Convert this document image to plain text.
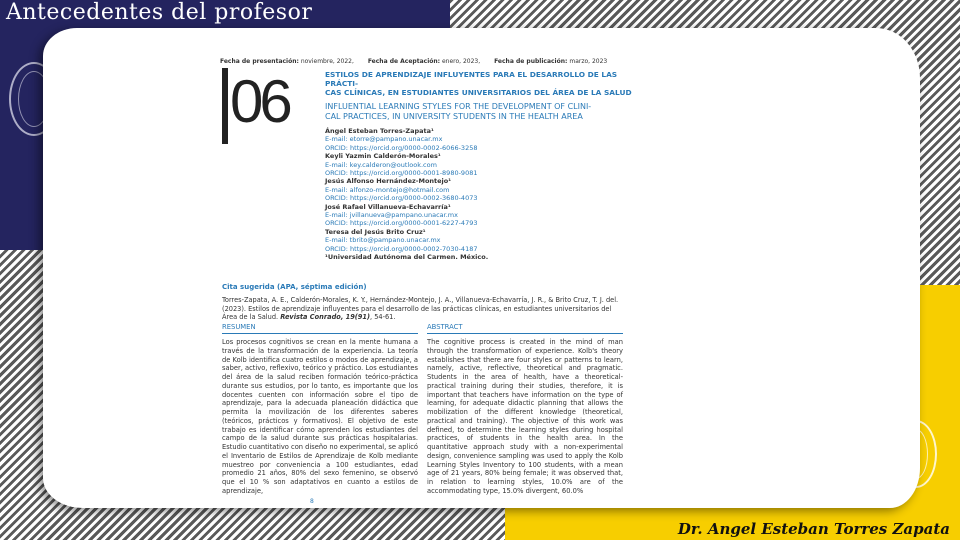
Antecedentes del profesor
Fecha de presentación: noviembre, 2022, Fecha de Aceptación: enero, 2023, Fecha de publicación: marzo, 2023
06	ESTILOS DE APRENDIZAJE INFLUYENTES PARA EL DESARROLLO DE LAS PRÁCTI-
CAS CLÍNICAS, EN ESTUDIANTES UNIVERSITARIOS DEL ÁREA DE LA SALUD
INFLUENTIAL LEARNING STYLES FOR THE DEVELOPMENT OF CLINI-
CAL PRACTICES, IN UNIVERSITY STUDENTS IN THE HEALTH AREA
Ángel Esteban Torres-Zapata¹
E-mail: etorre@pampano.unacar.mx
ORCID: https://orcid.org/0000-0002-6066-3258
Keyli Yazmin Calderón-Morales¹
E-mail: key.calderon@outlook.com
ORCID: https://orcid.org/0000-0001-8980-9081
Jesús Alfonso Hernández-Montejo¹
E-mail: alfonzo-montejo@hotmail.com
ORCID: https://orcid.org/0000-0002-3680-4073
José Rafael Villanueva-Echavarría¹
E-mail: jvillanueva@pampano.unacar.mx
ORCID: https://orcid.org/0000-0001-6227-4793
Teresa del Jesús Brito Cruz¹
E-mail: tbrito@pampano.unacar.mx
ORCID: https://orcid.org/0000-0002-7030-4187
¹Universidad Autónoma del Carmen. México.
Cita sugerida (APA, séptima edición)

Torres-Zapata, A. E., Calderón-Morales, K. Y., Hernández-Montejo, J. A., Villanueva-Echavarría, J. R., & Brito Cruz, T. J. del. (2023). Estilos de aprendizaje influyentes para el desarrollo de las prácticas clínicas, en estudiantes universitarios del Área de la Salud. Revista Conrado, 19(91), 54-61.

RESUMEN

Los procesos cognitivos se crean en la mente humana a través de la transformación de la experiencia. La teoría de Kolb identifica cuatro estilos o modos de aprendizaje, a saber, activo, reflexivo, teórico y práctico. Los estudiantes del área de la salud reciben formación teórico-práctica durante sus estudios, por lo tanto, es importante que los docentes cuenten con información sobre el tipo de aprendizaje, para la adecuada planeación didáctica que permita la movilización de los diferentes saberes (teóricos, prácticos y formativos). El objetivo de este trabajo es identificar cómo aprenden los estudiantes del campo de la salud durante sus prácticas hospitalarias. Estudio cuantitativo con diseño no experimental, se aplicó el Inventario de Estilos de Aprendizaje de Kolb mediante muestreo por conveniencia a 100 estudiantes, edad promedio 21 años, 80% del sexo femenino, se observó que el 10 % son adaptativos en cuanto a estilos de aprendizaje,

ABSTRACT

The cognitive process is created in the mind of man through the transformation of experience. Kolb's theory establishes that there are four styles or patterns to learn, namely, active, reflective, theoretical and pragmatic. Students in the area of health, have a theoretical-practical training during their studies, therefore, it is important that teachers have information on the type of learning, for adequate didactic planning that allows the mobilization of the different knowledge (theoretical, practical and training). The objective of this work was defined, to determine the learning styles during hospital practices, of students in the health area. In the quantitative approach study with a non-experimental design, convenience sampling was used to apply the Kolb Learning Styles Inventory to 100 students, with a mean age of 21 years, 80% being female; it was observed that, in relation to learning styles, 10.0% are of the accommodating type, 15.0% divergent, 60.0%

8
Dr. Angel Esteban Torres Zapata
